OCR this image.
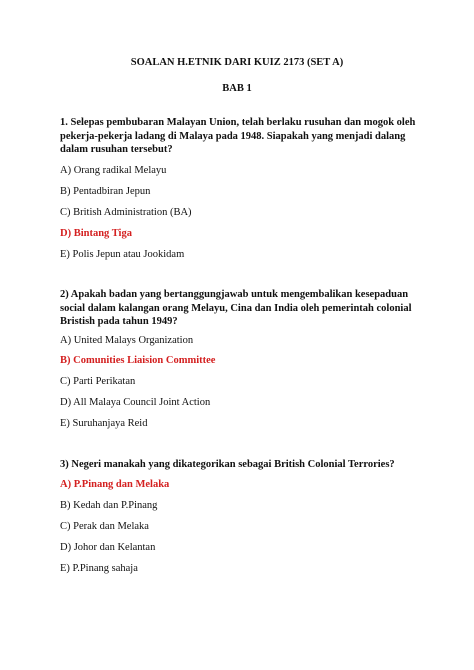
SOALAN H.ETNIK DARI KUIZ 2173 (SET A)
BAB 1
1. Selepas pembubaran Malayan Union, telah berlaku rusuhan dan mogok oleh pekerja-pekerja ladang di Malaya pada 1948. Siapakah yang menjadi dalang dalam rusuhan tersebut?
A) Orang radikal Melayu
B) Pentadbiran Jepun
C) British Administration (BA)
D) Bintang Tiga
E) Polis Jepun atau Jookidam
2) Apakah badan yang bertanggungjawab untuk mengembalikan kesepaduan social dalam kalangan orang Melayu, Cina dan India oleh pemerintah colonial Bristish pada tahun 1949?
A) United Malays Organization
B) Comunities Liaision Committee
C) Parti Perikatan
D) All Malaya Council Joint Action
E) Suruhanjaya Reid
3) Negeri manakah yang dikategorikan sebagai British Colonial Terrories?
A) P.Pinang dan Melaka
B) Kedah dan P.Pinang
C) Perak dan Melaka
D) Johor dan Kelantan
E) P.Pinang sahaja
